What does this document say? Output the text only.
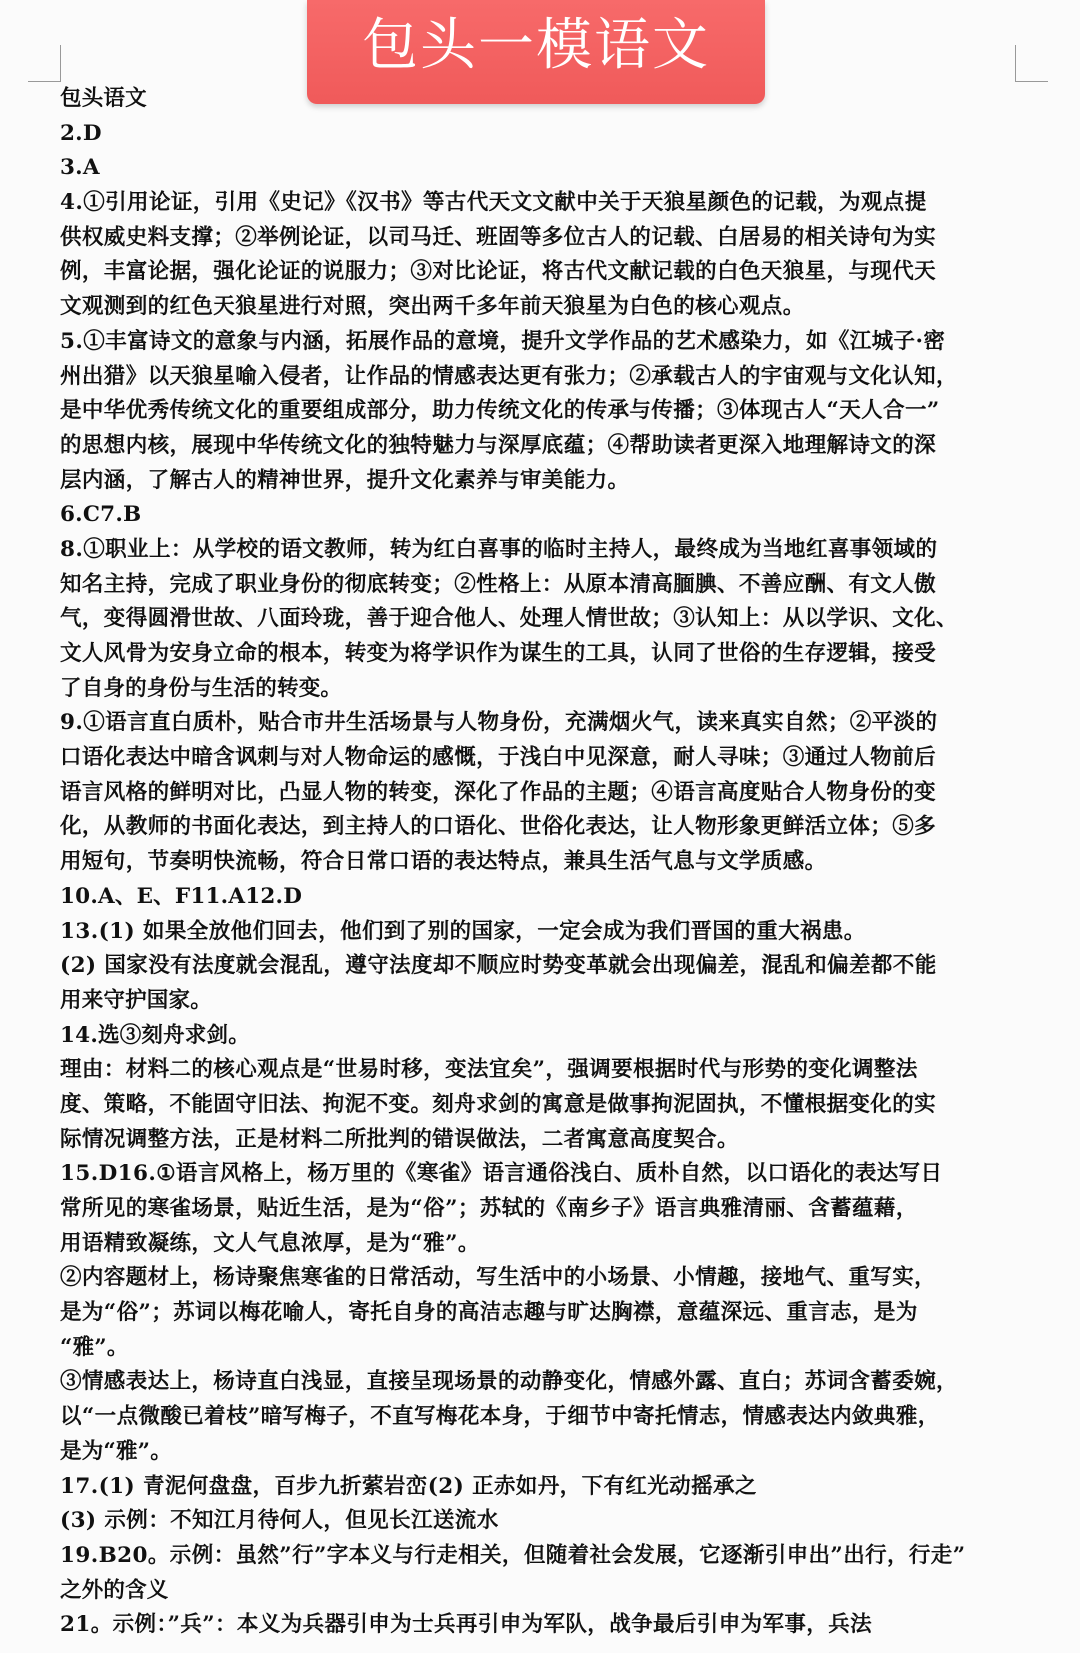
包头一模语文
包头语文
2.D
3.A
4.①引用论证，引用《史记》《汉书》等古代天文文献中关于天狼星颜色的记载，为观点提
供权威史料支撑；②举例论证，以司马迁、班固等多位古人的记载、白居易的相关诗句为实
例，丰富论据，强化论证的说服力；③对比论证，将古代文献记载的白色天狼星，与现代天
文观测到的红色天狼星进行对照，突出两千多年前天狼星为白色的核心观点。
5.①丰富诗文的意象与内涵，拓展作品的意境，提升文学作品的艺术感染力，如《江城子·密
州出猎》以天狼星喻入侵者，让作品的情感表达更有张力；②承载古人的宇宙观与文化认知，
是中华优秀传统文化的重要组成部分，助力传统文化的传承与传播；③体现古人“天人合一”
的思想内核，展现中华传统文化的独特魅力与深厚底蕴；④帮助读者更深入地理解诗文的深
层内涵，了解古人的精神世界，提升文化素养与审美能力。
6.C7.B
8.①职业上：从学校的语文教师，转为红白喜事的临时主持人，最终成为当地红喜事领域的
知名主持，完成了职业身份的彻底转变；②性格上：从原本清高腼腆、不善应酬、有文人傲
气，变得圆滑世故、八面玲珑，善于迎合他人、处理人情世故；③认知上：从以学识、文化、
文人风骨为安身立命的根本，转变为将学识作为谋生的工具，认同了世俗的生存逻辑，接受
了自身的身份与生活的转变。
9.①语言直白质朴，贴合市井生活场景与人物身份，充满烟火气，读来真实自然；②平淡的
口语化表达中暗含讽刺与对人物命运的感慨，于浅白中见深意，耐人寻味；③通过人物前后
语言风格的鲜明对比，凸显人物的转变，深化了作品的主题；④语言高度贴合人物身份的变
化，从教师的书面化表达，到主持人的口语化、世俗化表达，让人物形象更鲜活立体；⑤多
用短句，节奏明快流畅，符合日常口语的表达特点，兼具生活气息与文学质感。
10.A、E、F11.A12.D
13.(1) 如果全放他们回去，他们到了别的国家，一定会成为我们晋国的重大祸患。
(2) 国家没有法度就会混乱，遵守法度却不顺应时势变革就会出现偏差，混乱和偏差都不能
用来守护国家。
14.选③刻舟求剑。
理由：材料二的核心观点是“世易时移，变法宜矣”，强调要根据时代与形势的变化调整法
度、策略，不能固守旧法、拘泥不变。刻舟求剑的寓意是做事拘泥固执，不懂根据变化的实
际情况调整方法，正是材料二所批判的错误做法，二者寓意高度契合。
15.D16.①语言风格上，杨万里的《寒雀》语言通俗浅白、质朴自然，以口语化的表达写日
常所见的寒雀场景，贴近生活，是为“俗”；苏轼的《南乡子》语言典雅清丽、含蓄蕴藉，
用语精致凝练，文人气息浓厚，是为“雅”。
②内容题材上，杨诗聚焦寒雀的日常活动，写生活中的小场景、小情趣，接地气、重写实，
是为“俗”；苏词以梅花喻人，寄托自身的高洁志趣与旷达胸襟，意蕴深远、重言志，是为
“雅”。
③情感表达上，杨诗直白浅显，直接呈现场景的动静变化，情感外露、直白；苏词含蓄委婉，
以“一点微酸已着枝”暗写梅子，不直写梅花本身，于细节中寄托情志，情感表达内敛典雅，
是为“雅”。
17.(1) 青泥何盘盘，百步九折萦岩峦(2) 正赤如丹，下有红光动摇承之
(3) 示例：不知江月待何人，但见长江送流水
19.B20。示例：虽然”行”字本义与行走相关，但随着社会发展，它逐渐引申出”出行，行走”
之外的含义
21。示例：”兵”：本义为兵器引申为士兵再引申为军队，战争最后引申为军事，兵法
